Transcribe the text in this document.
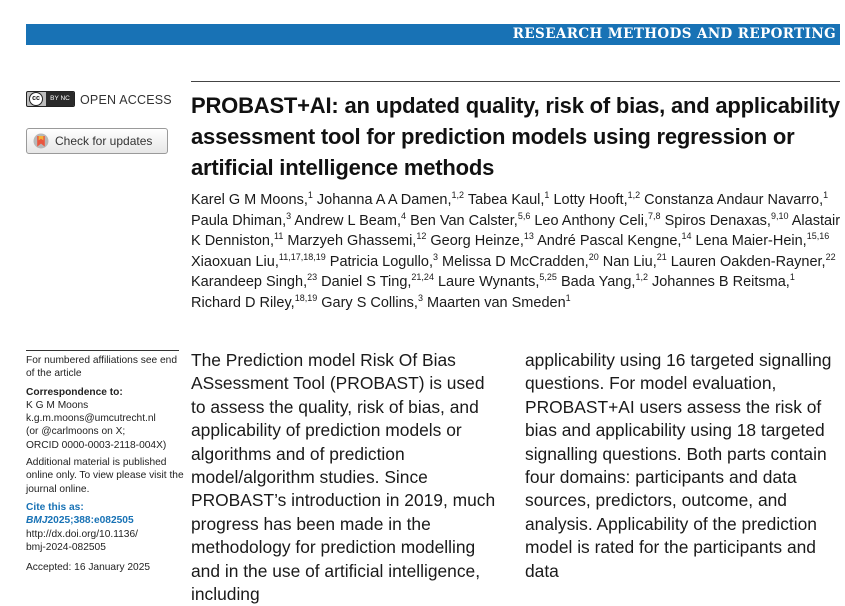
RESEARCH METHODS AND REPORTING
cc	BY NC OPEN ACCESS
Check for updates
PROBAST+AI: an updated quality, risk of bias, and applicability assessment tool for prediction models using regression or artificial intelligence methods
Karel G M Moons,$^1$ Johanna A A Damen,$^{1,2}$ Tabea Kaul,$^1$ Lotty Hooft,$^{1,2}$ Constanza Andaur Navarro,$^1$ Paula Dhiman,$^3$ Andrew L Beam,$^4$ Ben Van Calster,$^{5,6}$ Leo Anthony Celi,$^{7,8}$ Spiros Denaxas,$^{9,10}$ Alastair K Denniston,$^{11}$ Marzyeh Ghassemi,$^{12}$ Georg Heinze,$^{13}$ André Pascal Kengne,$^{14}$ Lena Maier-Hein,$^{15,16}$ Xiaoxuan Liu,$^{11,17,18,19}$ Patricia Logullo,$^3$ Melissa D McCradden,$^{20}$ Nan Liu,$^{21}$ Lauren Oakden-Rayner,$^{22}$ Karandeep Singh,$^{23}$ Daniel S Ting,$^{21,24}$ Laure Wynants,$^{5,25}$ Bada Yang,$^{1,2}$ Johannes B Reitsma,$^1$ Richard D Riley,$^{18,19}$ Gary S Collins,$^3$ Maarten van Smeden$^1$

For numbered affiliations see end of the article

Correspondence to:
K G M Moons
k.g.m.moons@umcutrecht.nl
(or @carlmoons on X;
ORCID 0000-0003-2118-004X)

Additional material is published online only. To view please visit the journal online.

Cite this as: BMJ2025;388:e082505
http://dx.doi.org/10.1136/
bmj-2024-082505

Accepted: 16 January 2025

The Prediction model Risk Of Bias ASsessment Tool (PROBAST) is used to assess the quality, risk of bias, and applicability of prediction models or algorithms and of prediction model/algorithm studies. Since PROBAST’s introduction in 2019, much progress has been made in the methodology for prediction modelling and in the use of artificial intelligence, including

applicability using 16 targeted signalling questions. For model evaluation, PROBAST+AI users assess the risk of bias and applicability using 18 targeted signalling questions. Both parts contain four domains: participants and data sources, predictors, outcome, and analysis. Applicability of the prediction model is rated for the participants and data
